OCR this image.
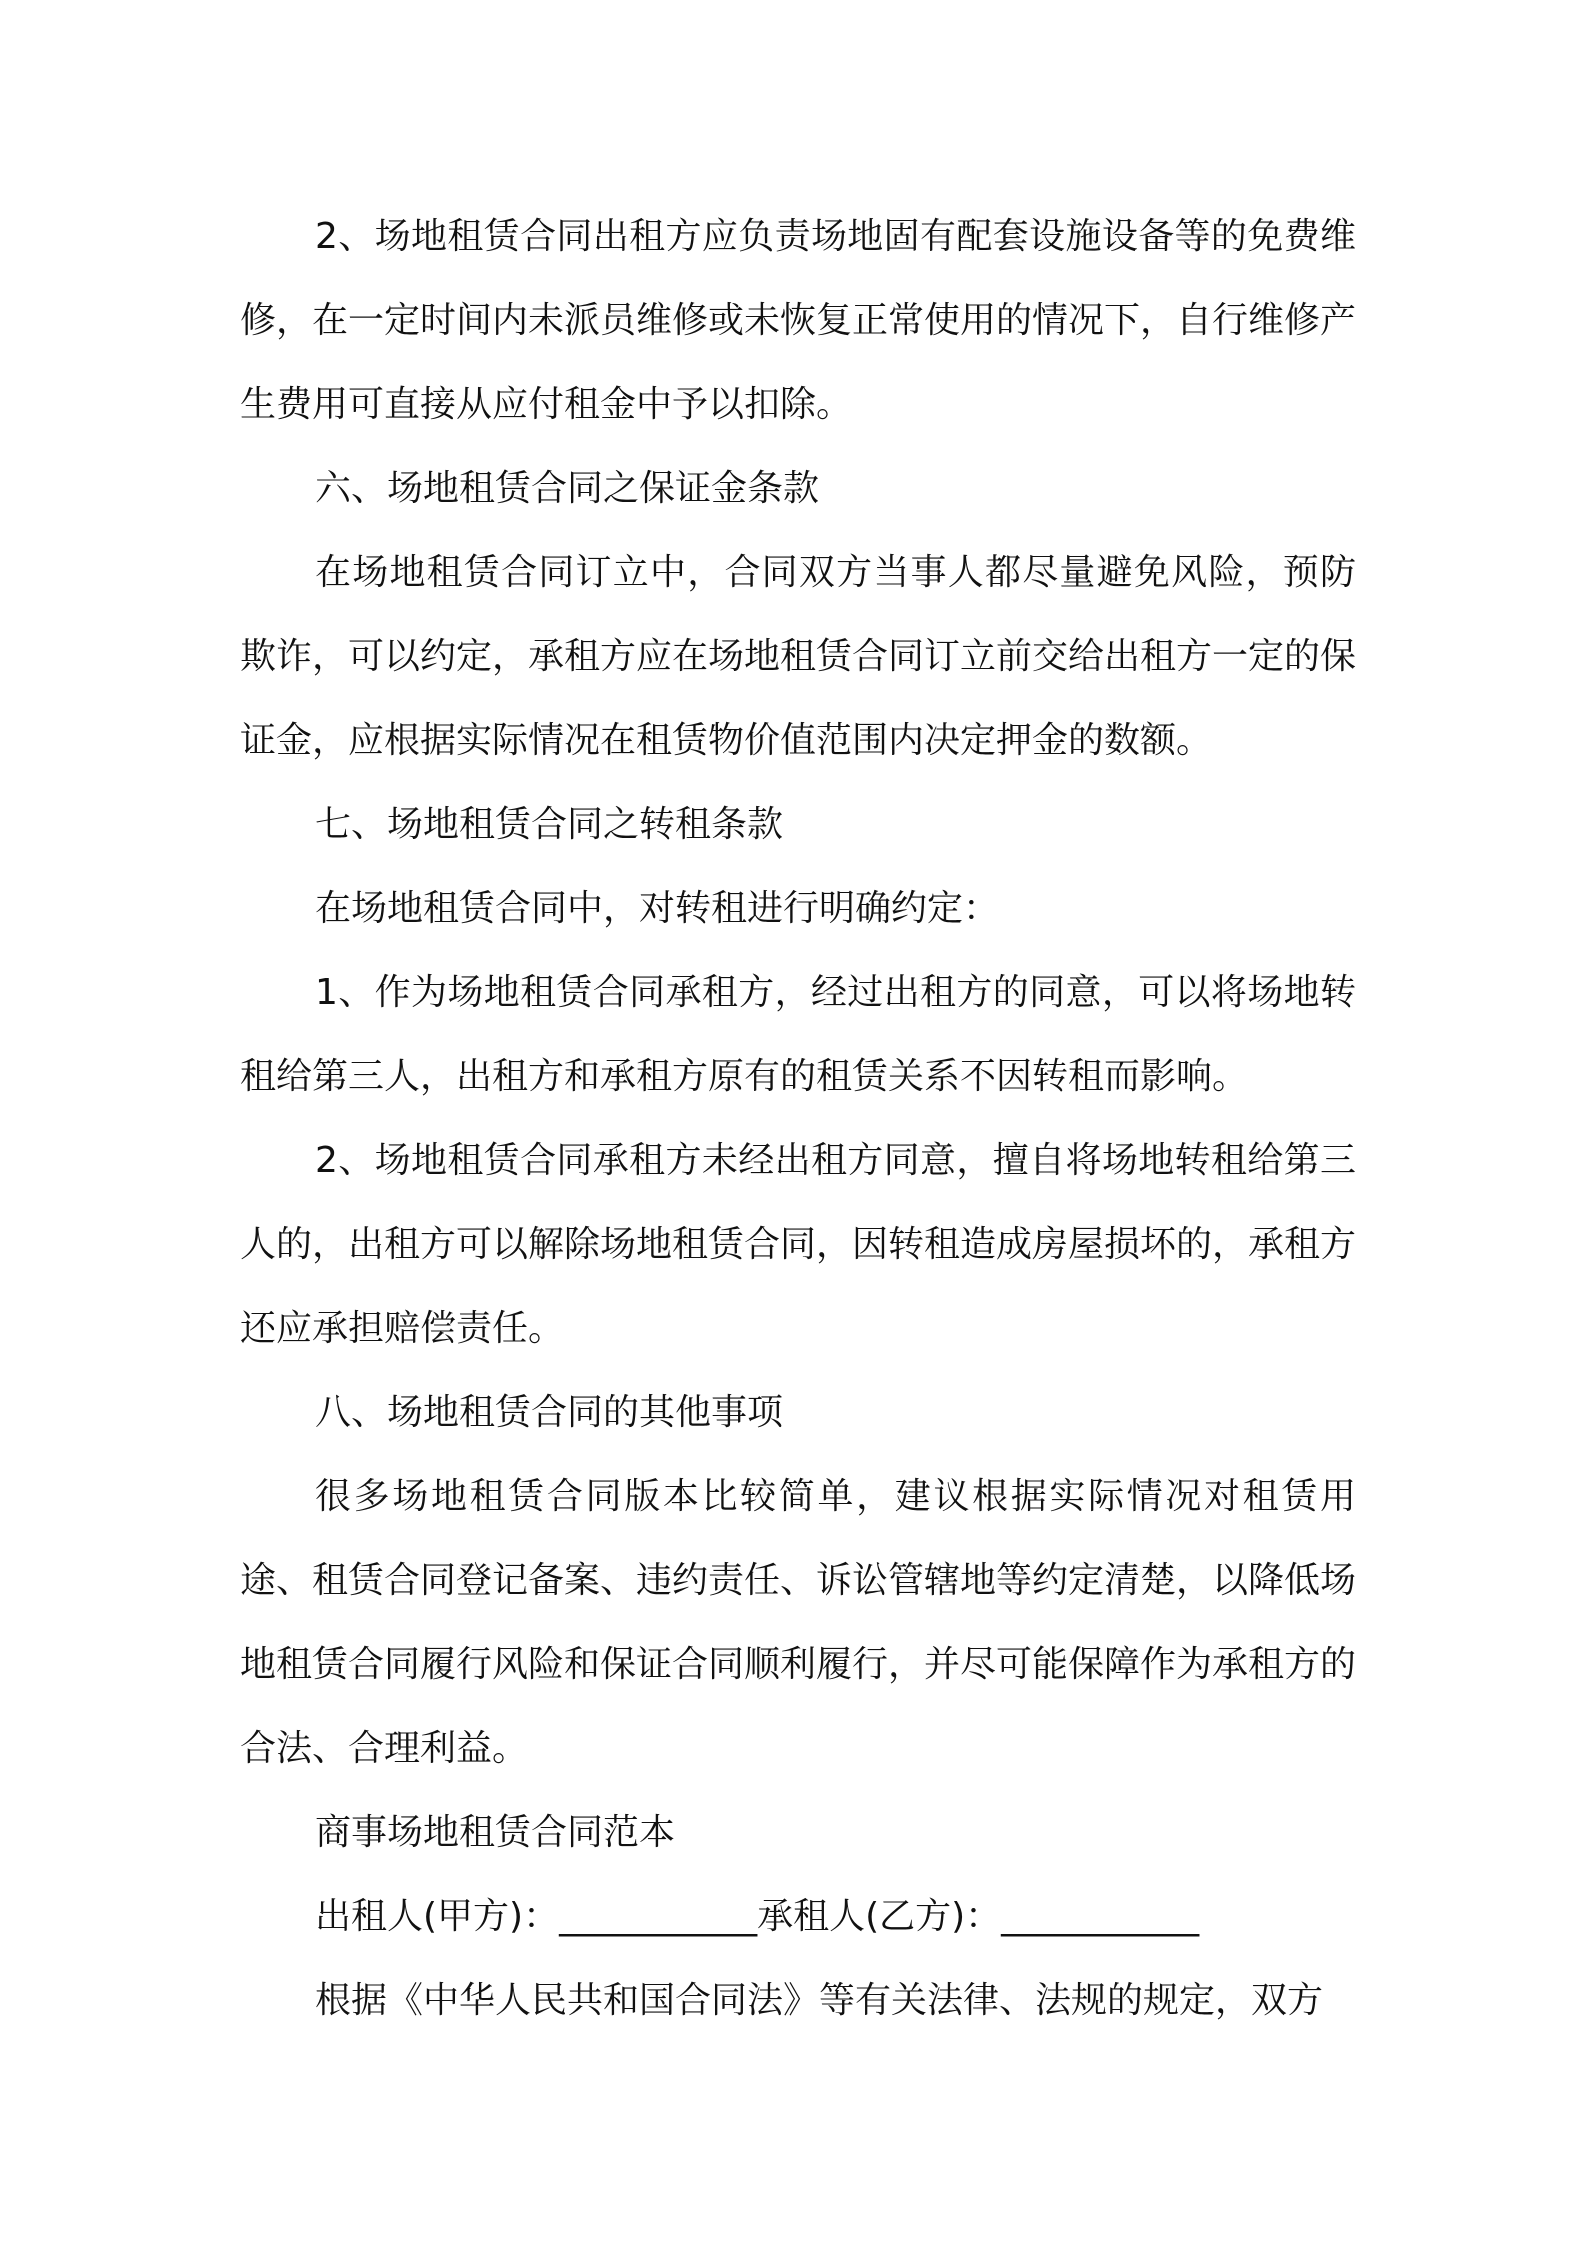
2、场地租赁合同出租方应负责场地固有配套设施设备等的免费维修，在一定时间内未派员维修或未恢复正常使用的情况下，自行维修产生费用可直接从应付租金中予以扣除。

六、场地租赁合同之保证金条款

在场地租赁合同订立中，合同双方当事人都尽量避免风险，预防欺诈，可以约定，承租方应在场地租赁合同订立前交给出租方一定的保证金，应根据实际情况在租赁物价值范围内决定押金的数额。

七、场地租赁合同之转租条款

在场地租赁合同中，对转租进行明确约定：

1、作为场地租赁合同承租方，经过出租方的同意，可以将场地转租给第三人，出租方和承租方原有的租赁关系不因转租而影响。

2、场地租赁合同承租方未经出租方同意，擅自将场地转租给第三人的，出租方可以解除场地租赁合同，因转租造成房屋损坏的，承租方还应承担赔偿责任。

八、场地租赁合同的其他事项

很多场地租赁合同版本比较简单，建议根据实际情况对租赁用途、租赁合同登记备案、违约责任、诉讼管辖地等约定清楚，以降低场地租赁合同履行风险和保证合同顺利履行，并尽可能保障作为承租方的合法、合理利益。

商事场地租赁合同范本

出租人(甲方)：___________承租人(乙方)：___________

根据《中华人民共和国合同法》等有关法律、法规的规定，双方
